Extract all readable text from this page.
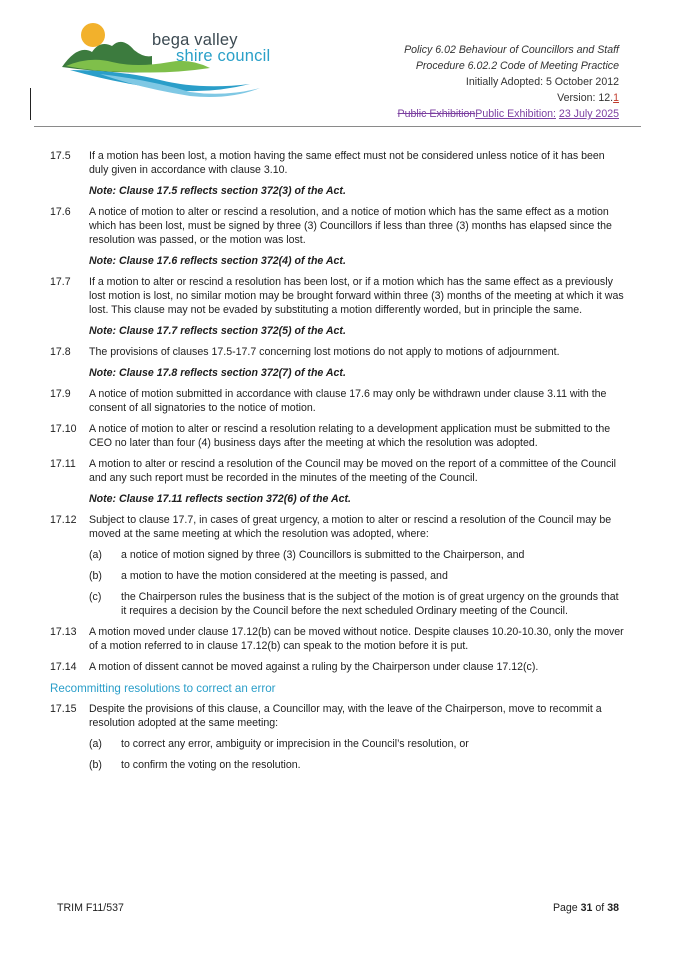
bega valley
shire council	Policy 6.02 Behaviour of Councillors and Staff
Procedure 6.02.2 Code of Meeting Practice
Initially Adopted: 5 October 2012
Version: 12.1
Public ExhibitionPublic Exhibition: 23 July 2025
17.5 If a motion has been lost, a motion having the same effect must not be considered unless notice of it has been duly given in accordance with clause 3.10.
Note: Clause 17.5 reflects section 372(3) of the Act.
17.6 A notice of motion to alter or rescind a resolution, and a notice of motion which has the same effect as a motion which has been lost, must be signed by three (3) Councillors if less than three (3) months has elapsed since the resolution was passed, or the motion was lost.
Note: Clause 17.6 reflects section 372(4) of the Act.
17.7 If a motion to alter or rescind a resolution has been lost, or if a motion which has the same effect as a previously lost motion is lost, no similar motion may be brought forward within three (3) months of the meeting at which it was lost. This clause may not be evaded by substituting a motion differently worded, but in principle the same.
Note: Clause 17.7 reflects section 372(5) of the Act.
17.8 The provisions of clauses 17.5-17.7 concerning lost motions do not apply to motions of adjournment.
Note: Clause 17.8 reflects section 372(7) of the Act.
17.9 A notice of motion submitted in accordance with clause 17.6 may only be withdrawn under clause 3.11 with the consent of all signatories to the notice of motion.
17.10 A notice of motion to alter or rescind a resolution relating to a development application must be submitted to the CEO no later than four (4) business days after the meeting at which the resolution was adopted.
17.11 A motion to alter or rescind a resolution of the Council may be moved on the report of a committee of the Council and any such report must be recorded in the minutes of the meeting of the Council.
Note: Clause 17.11 reflects section 372(6) of the Act.
17.12 Subject to clause 17.7, in cases of great urgency, a motion to alter or rescind a resolution of the Council may be moved at the same meeting at which the resolution was adopted, where:
(a) a notice of motion signed by three (3) Councillors is submitted to the Chairperson, and
(b) a motion to have the motion considered at the meeting is passed, and
(c) the Chairperson rules the business that is the subject of the motion is of great urgency on the grounds that it requires a decision by the Council before the next scheduled Ordinary meeting of the Council.
17.13 A motion moved under clause 17.12(b) can be moved without notice. Despite clauses 10.20-10.30, only the mover of a motion referred to in clause 17.12(b) can speak to the motion before it is put.
17.14 A motion of dissent cannot be moved against a ruling by the Chairperson under clause 17.12(c).
Recommitting resolutions to correct an error
17.15 Despite the provisions of this clause, a Councillor may, with the leave of the Chairperson, move to recommit a resolution adopted at the same meeting:
(a) to correct any error, ambiguity or imprecision in the Council’s resolution, or
(b) to confirm the voting on the resolution.
TRIM F11/537	Page 31 of 38
